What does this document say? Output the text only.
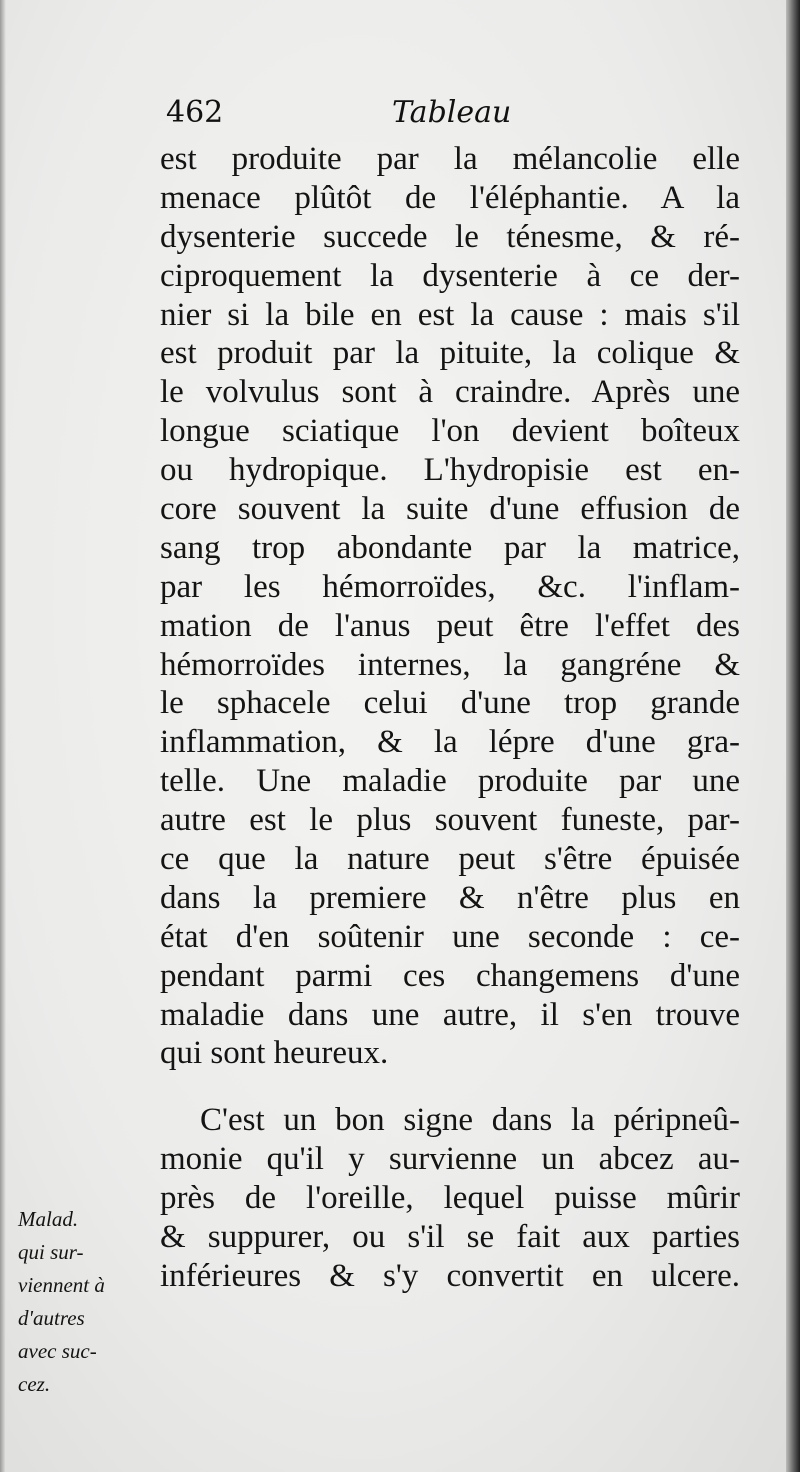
462	Tableau
est produite par la mélancolie elle
menace plûtôt de l'éléphantie. A la
dysenterie succede le ténesme, & ré-
ciproquement la dysenterie à ce der-
nier si la bile en est la cause : mais s'il
est produit par la pituite, la colique &
le volvulus sont à craindre. Après une
longue sciatique l'on devient boîteux
ou hydropique. L'hydropisie est en-
core souvent la suite d'une effusion de
sang trop abondante par la matrice,
par les hémorroïdes, &c. l'inflam-
mation de l'anus peut être l'effet des
hémorroïdes internes, la gangréne &
le sphacele celui d'une trop grande
inflammation, & la lépre d'une gra-
telle. Une maladie produite par une
autre est le plus souvent funeste, par-
ce que la nature peut s'être épuisée
dans la premiere & n'être plus en
état d'en soûtenir une seconde : ce-
pendant parmi ces changemens d'une
maladie dans une autre, il s'en trouve
qui sont heureux.
C'est un bon signe dans la péripneû-
monie qu'il y survienne un abcez au-
près de l'oreille, lequel puisse mûrir
& suppurer, ou s'il se fait aux parties
inférieures & s'y convertit en ulcere.
Malad.
qui sur-
viennent à
d'autres
avec suc-
cez.
